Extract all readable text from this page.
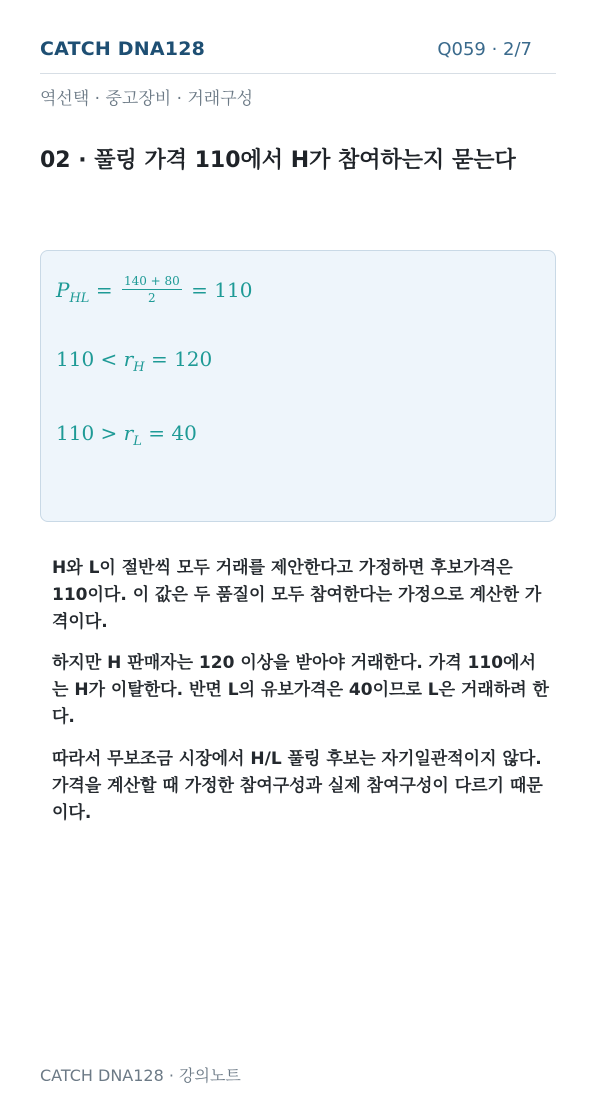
CATCH DNA128	Q059 · 2/7
역선택 · 중고장비 · 거래구성
02 · 풀링 가격 110에서 H가 참여하는지 묻는다
$P_{HL} = \frac{140 + 80}{2} = 110$
$110 < r_H = 120$
$110 > r_L = 40$

H와 L이 절반씩 모두 거래를 제안한다고 가정하면 후보가격은 110이다. 이 값은 두 품질이 모두 참여한다는 가정으로 계산한 가격이다.

하지만 H 판매자는 120 이상을 받아야 거래한다. 가격 110에서는 H가 이탈한다. 반면 L의 유보가격은 40이므로 L은 거래하려 한다.

따라서 무보조금 시장에서 H/L 풀링 후보는 자기일관적이지 않다. 가격을 계산할 때 가정한 참여구성과 실제 참여구성이 다르기 때문이다.

CATCH DNA128 · 강의노트
